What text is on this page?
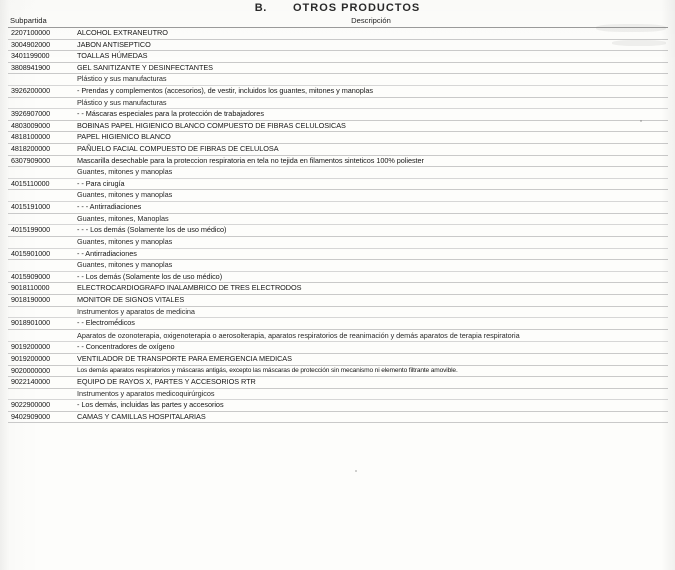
B. OTROS PRODUCTOS
Subpartida	Descripción
2207100000	ALCOHOL EXTRANEUTRO
3004902000	JABON ANTISEPTICO
3401199000	TOALLAS HÚMEDAS
3808941900	GEL SANITIZANTE Y DESINFECTANTES
	Plástico y sus manufacturas
3926200000	- Prendas y complementos (accesorios), de vestir, incluidos los guantes, mitones y manoplas
	Plástico y sus manufacturas
3926907000	- - Máscaras especiales para la protección de trabajadores
4803009000	BOBINAS PAPEL HIGIENICO BLANCO COMPUESTO DE FIBRAS CELULOSICAS
4818100000	PAPEL HIGIENICO BLANCO
4818200000	PAÑUELO FACIAL COMPUESTO DE FIBRAS DE CELULOSA
6307909000	Mascarilla desechable para la proteccion respiratoria en tela no tejida en filamentos sinteticos 100% poliester
	Guantes, mitones y manoplas
4015110000	- - Para cirugía
	Guantes, mitones y manoplas
4015191000	- - - Antirradiaciones
	Guantes, mitones, Manoplas
4015199000	- - - Los demás (Solamente los de uso médico)
	Guantes, mitones y manoplas
4015901000	- - Antirradiaciones
	Guantes, mitones y manoplas
4015909000	- - Los demás (Solamente los de uso médico)
9018110000	ELECTROCARDIOGRAFO INALAMBRICO DE TRES ELECTRODOS
9018190000	MONITOR DE SIGNOS VITALES
	Instrumentos y aparatos de medicina
9018901000	- - Electromédicos
	Aparatos de ozonoterapia, oxigenoterapia o aerosolterapia, aparatos respiratorios de reanimación y demás aparatos de terapia respiratoria
9019200000	- - Concentradores de oxígeno
9019200000	VENTILADOR DE TRANSPORTE PARA EMERGENCIA MEDICAS
9020000000	Los demás aparatos respiratorios y máscaras antigás, excepto las máscaras de protección sin mecanismo ni elemento filtrante amovible.
9022140000	EQUIPO DE RAYOS X, PARTES Y ACCESORIOS RTR
	Instrumentos y aparatos medicoquirúrgicos
9022900000	- Los demás, incluidas las partes y accesorios
9402909000	CAMAS Y CAMILLAS HOSPITALARIAS
